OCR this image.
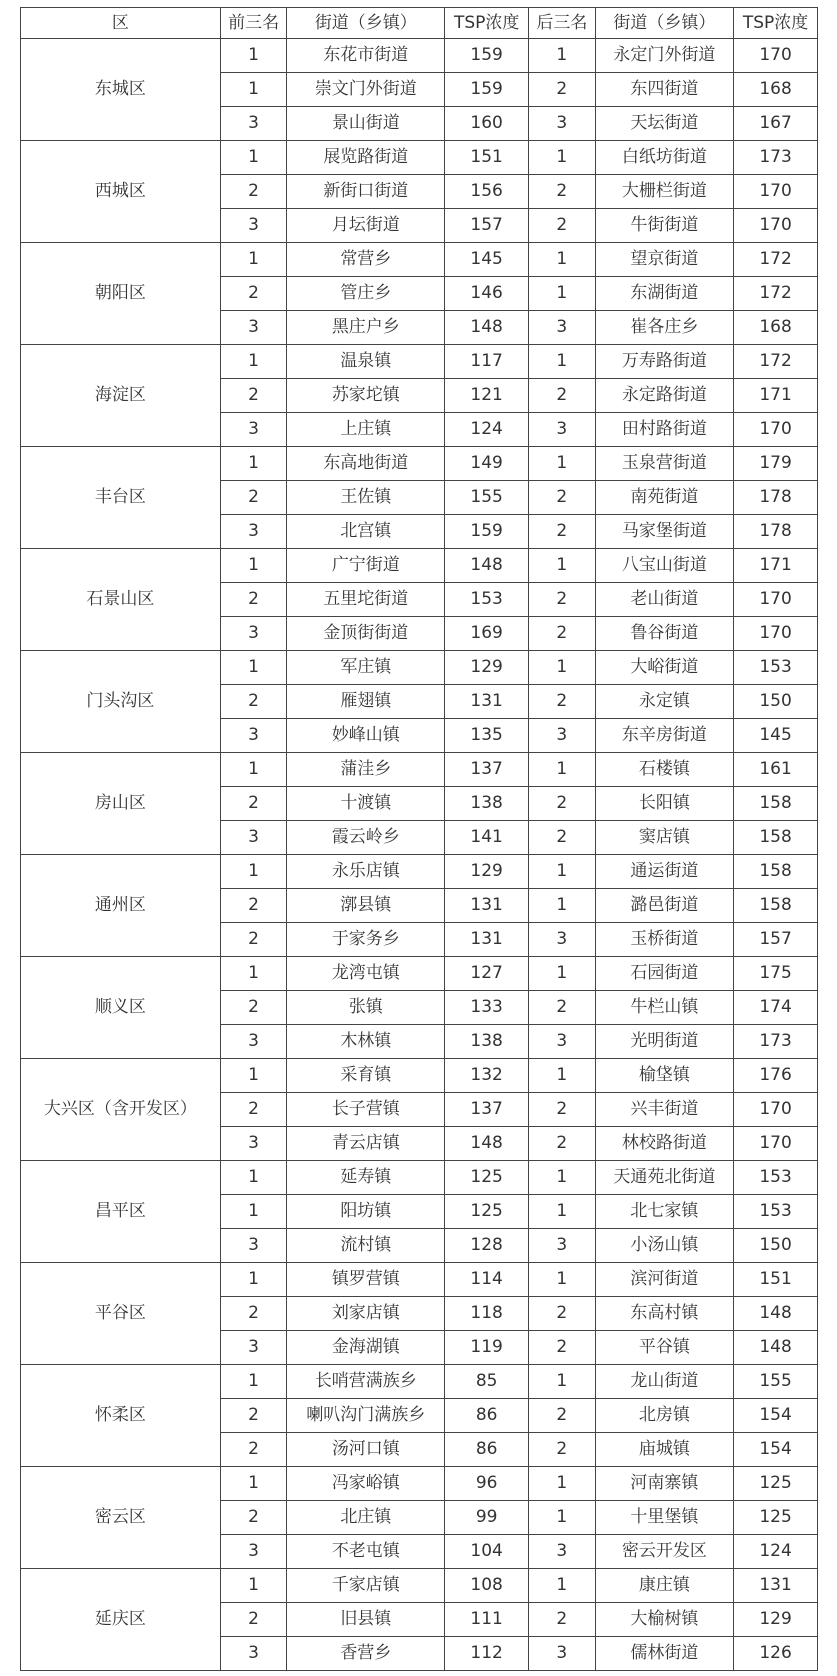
区	前三名	街道（乡镇）	TSP浓度	后三名	街道（乡镇）	TSP浓度
东城区	1	东花市街道	159	1	永定门外街道	170
	1	崇文门外街道	159	2	东四街道	168
	3	景山街道	160	3	天坛街道	167
西城区	1	展览路街道	151	1	白纸坊街道	173
	2	新街口街道	156	2	大栅栏街道	170
	3	月坛街道	157	2	牛街街道	170
朝阳区	1	常营乡	145	1	望京街道	172
	2	管庄乡	146	1	东湖街道	172
	3	黑庄户乡	148	3	崔各庄乡	168
海淀区	1	温泉镇	117	1	万寿路街道	172
	2	苏家坨镇	121	2	永定路街道	171
	3	上庄镇	124	3	田村路街道	170
丰台区	1	东高地街道	149	1	玉泉营街道	179
	2	王佐镇	155	2	南苑街道	178
	3	北宫镇	159	2	马家堡街道	178
石景山区	1	广宁街道	148	1	八宝山街道	171
	2	五里坨街道	153	2	老山街道	170
	3	金顶街街道	169	2	鲁谷街道	170
门头沟区	1	军庄镇	129	1	大峪街道	153
	2	雁翅镇	131	2	永定镇	150
	3	妙峰山镇	135	3	东辛房街道	145
房山区	1	蒲洼乡	137	1	石楼镇	161
	2	十渡镇	138	2	长阳镇	158
	3	霞云岭乡	141	2	窦店镇	158
通州区	1	永乐店镇	129	1	通运街道	158
	2	漷县镇	131	1	潞邑街道	158
	2	于家务乡	131	3	玉桥街道	157
顺义区	1	龙湾屯镇	127	1	石园街道	175
	2	张镇	133	2	牛栏山镇	174
	3	木林镇	138	3	光明街道	173
大兴区（含开发区）	1	采育镇	132	1	榆垡镇	176
	2	长子营镇	137	2	兴丰街道	170
	3	青云店镇	148	2	林校路街道	170
昌平区	1	延寿镇	125	1	天通苑北街道	153
	1	阳坊镇	125	1	北七家镇	153
	3	流村镇	128	3	小汤山镇	150
平谷区	1	镇罗营镇	114	1	滨河街道	151
	2	刘家店镇	118	2	东高村镇	148
	3	金海湖镇	119	2	平谷镇	148
怀柔区	1	长哨营满族乡	85	1	龙山街道	155
	2	喇叭沟门满族乡	86	2	北房镇	154
	2	汤河口镇	86	2	庙城镇	154
密云区	1	冯家峪镇	96	1	河南寨镇	125
	2	北庄镇	99	1	十里堡镇	125
	3	不老屯镇	104	3	密云开发区	124
延庆区	1	千家店镇	108	1	康庄镇	131
	2	旧县镇	111	2	大榆树镇	129
	3	香营乡	112	3	儒林街道	126
